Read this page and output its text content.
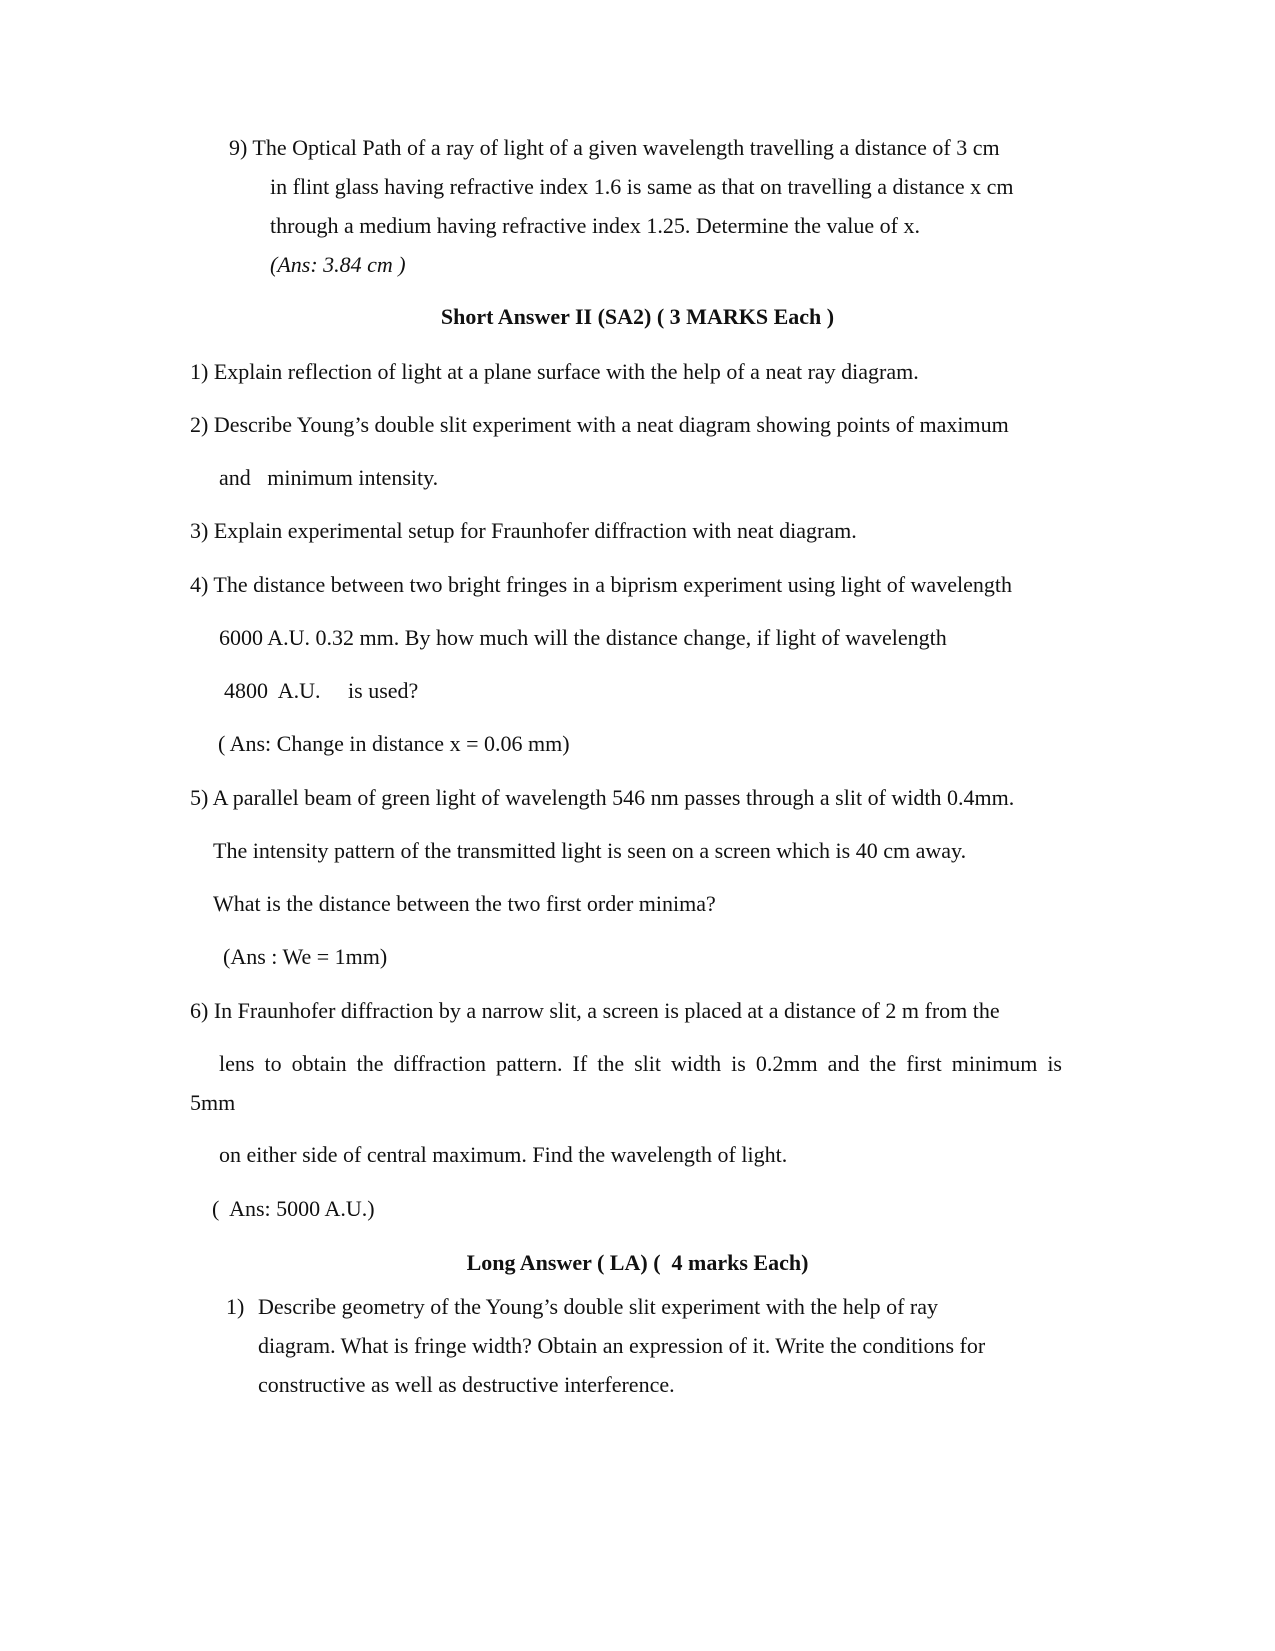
9) The Optical Path of a ray of light of a given wavelength travelling a distance of 3 cm
in flint glass having refractive index 1.6 is same as that on travelling a distance x cm
through a medium having refractive index 1.25. Determine the value of x.
(Ans: 3.84 cm )
Short Answer II (SA2) ( 3 MARKS Each )
1) Explain reflection of light at a plane surface with the help of a neat ray diagram.
2) Describe Young’s double slit experiment with a neat diagram showing points of maximum
and   minimum intensity.
3) Explain experimental setup for Fraunhofer diffraction with neat diagram.
4) The distance between two bright fringes in a biprism experiment using light of wavelength
6000 A.U. 0.32 mm. By how much will the distance change, if light of wavelength
4800  A.U.     is used?
( Ans: Change in distance x = 0.06 mm)
5) A parallel beam of green light of wavelength 546 nm passes through a slit of width 0.4mm.
The intensity pattern of the transmitted light is seen on a screen which is 40 cm away.
What is the distance between the two first order minima?
(Ans : We = 1mm)
6) In Fraunhofer diffraction by a narrow slit, a screen is placed at a distance of 2 m from the
lens to obtain the diffraction pattern. If the slit width is 0.2mm and the first minimum is
5mm
on either side of central maximum. Find the wavelength of light.
(  Ans: 5000 A.U.)
Long Answer ( LA) (  4 marks Each)
1) Describe geometry of the Young’s double slit experiment with the help of ray
diagram. What is fringe width? Obtain an expression of it. Write the conditions for
constructive as well as destructive interference.
